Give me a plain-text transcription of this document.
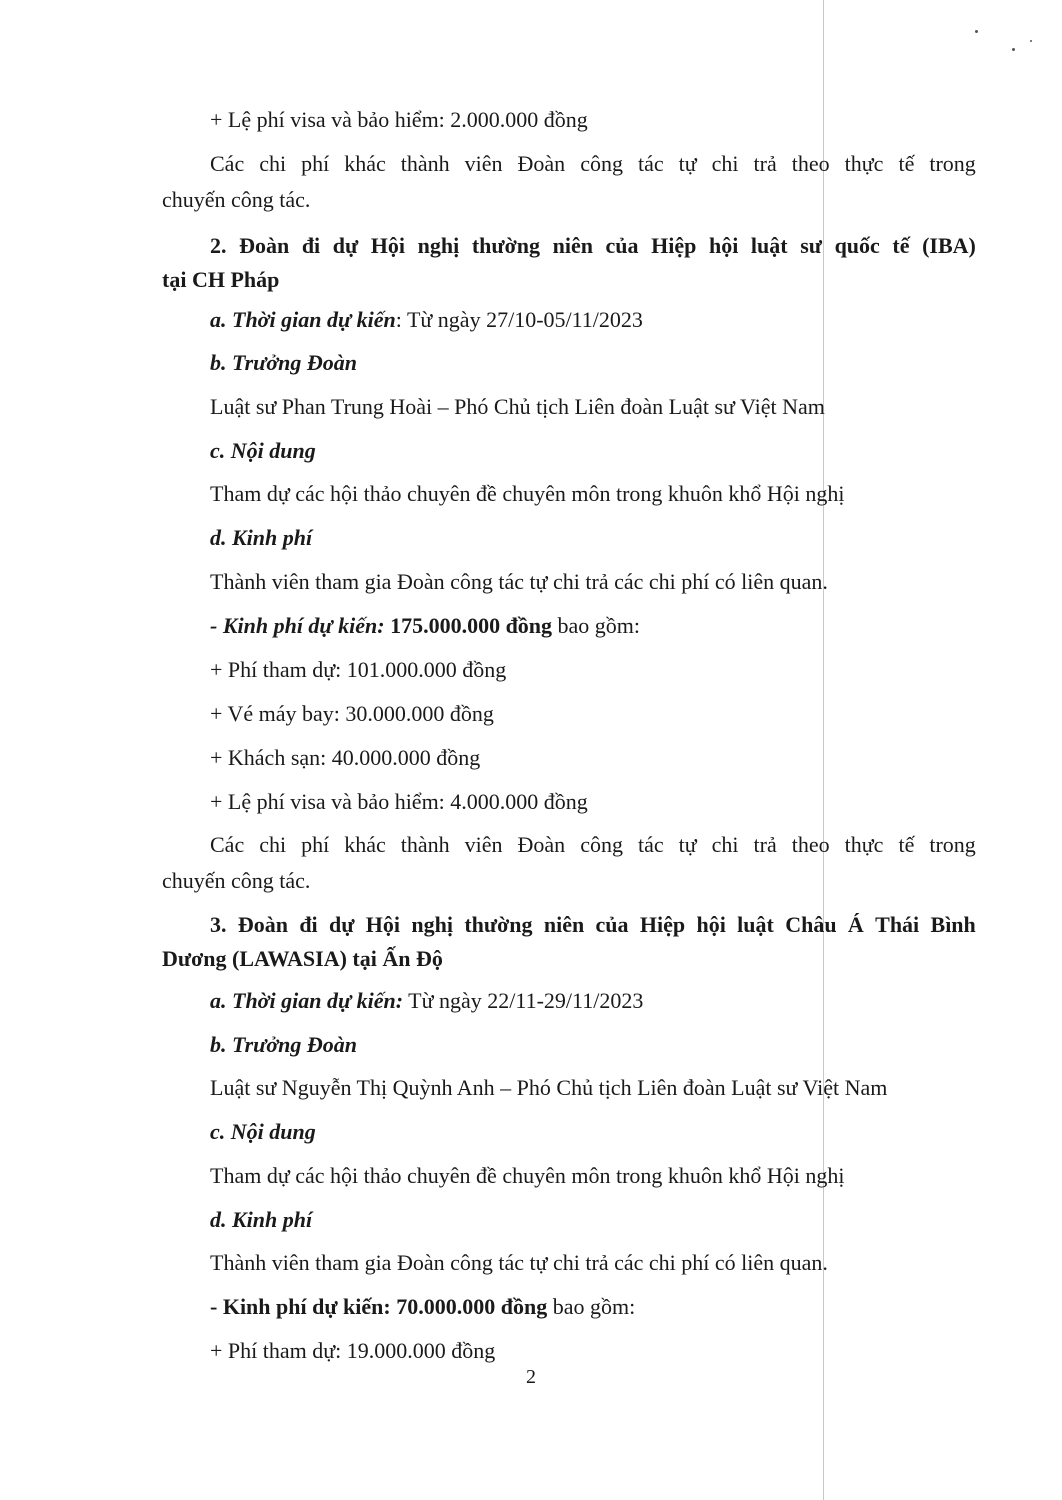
+ Lệ phí visa và bảo hiểm: 2.000.000 đồng
Các chi phí khác thành viên Đoàn công tác tự chi trả theo thực tế trong
chuyến công tác.
2. Đoàn đi dự Hội nghị thường niên của Hiệp hội luật sư quốc tế (IBA)
tại CH Pháp
a. Thời gian dự kiến: Từ ngày 27/10-05/11/2023
b. Trưởng Đoàn
Luật sư Phan Trung Hoài – Phó Chủ tịch Liên đoàn Luật sư Việt Nam
c. Nội dung
Tham dự các hội thảo chuyên đề chuyên môn trong khuôn khổ Hội nghị
d. Kinh phí
Thành viên tham gia Đoàn công tác tự chi trả các chi phí có liên quan.
- Kinh phí dự kiến: 175.000.000 đồng bao gồm:
+ Phí tham dự: 101.000.000 đồng
+ Vé máy bay: 30.000.000 đồng
+ Khách sạn: 40.000.000 đồng
+ Lệ phí visa và bảo hiểm: 4.000.000 đồng
Các chi phí khác thành viên Đoàn công tác tự chi trả theo thực tế trong
chuyến công tác.
3. Đoàn đi dự Hội nghị thường niên của Hiệp hội luật Châu Á Thái Bình
Dương (LAWASIA) tại Ấn Độ
a. Thời gian dự kiến: Từ ngày 22/11-29/11/2023
b. Trưởng Đoàn
Luật sư Nguyễn Thị Quỳnh Anh – Phó Chủ tịch Liên đoàn Luật sư Việt Nam
c. Nội dung
Tham dự các hội thảo chuyên đề chuyên môn trong khuôn khổ Hội nghị
d. Kinh phí
Thành viên tham gia Đoàn công tác tự chi trả các chi phí có liên quan.
- Kinh phí dự kiến: 70.000.000 đồng bao gồm:
+ Phí tham dự: 19.000.000 đồng
2
